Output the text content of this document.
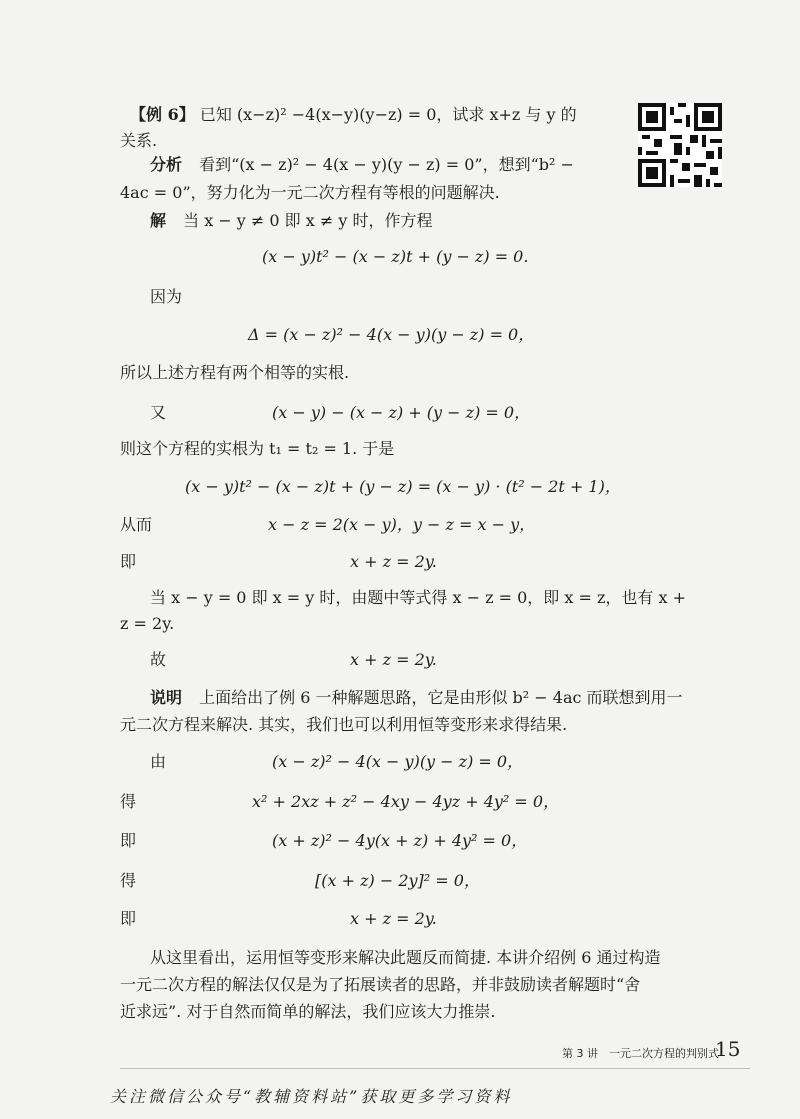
【例 6】 已知 (x−z)² −4(x−y)(y−z) = 0，试求 x+z 与 y 的
关系.
分析 看到“(x − z)² − 4(x − y)(y − z) = 0”，想到“b² −
4ac = 0”，努力化为一元二次方程有等根的问题解决.
解 当 x − y ≠ 0 即 x ≠ y 时，作方程
(x − y)t² − (x − z)t + (y − z) = 0.
因为
Δ = (x − z)² − 4(x − y)(y − z) = 0，
所以上述方程有两个相等的实根.
又	(x − y) − (x − z) + (y − z) = 0，
则这个方程的实根为 t₁ = t₂ = 1. 于是
(x − y)t² − (x − z)t + (y − z) = (x − y) · (t² − 2t + 1)，
从而	x − z = 2(x − y)，y − z = x − y，
即	x + z = 2y.
当 x − y = 0 即 x = y 时，由题中等式得 x − z = 0，即 x = z，也有 x +
z = 2y.
故	x + z = 2y.
说明 上面给出了例 6 一种解题思路，它是由形似 b² − 4ac 而联想到用一
元二次方程来解决. 其实，我们也可以利用恒等变形来求得结果.
由	(x − z)² − 4(x − y)(y − z) = 0，
得	x² + 2xz + z² − 4xy − 4yz + 4y² = 0，
即	(x + z)² − 4y(x + z) + 4y² = 0，
得	[(x + z) − 2y]² = 0，
即	x + z = 2y.
从这里看出，运用恒等变形来解决此题反而简捷. 本讲介绍例 6 通过构造
一元二次方程的解法仅仅是为了拓展读者的思路，并非鼓励读者解题时“舍
近求远”. 对于自然而简单的解法，我们应该大力推崇.
第 3 讲　一元二次方程的判别式
15
关注微信公众号“教辅资料站”获取更多学习资料
